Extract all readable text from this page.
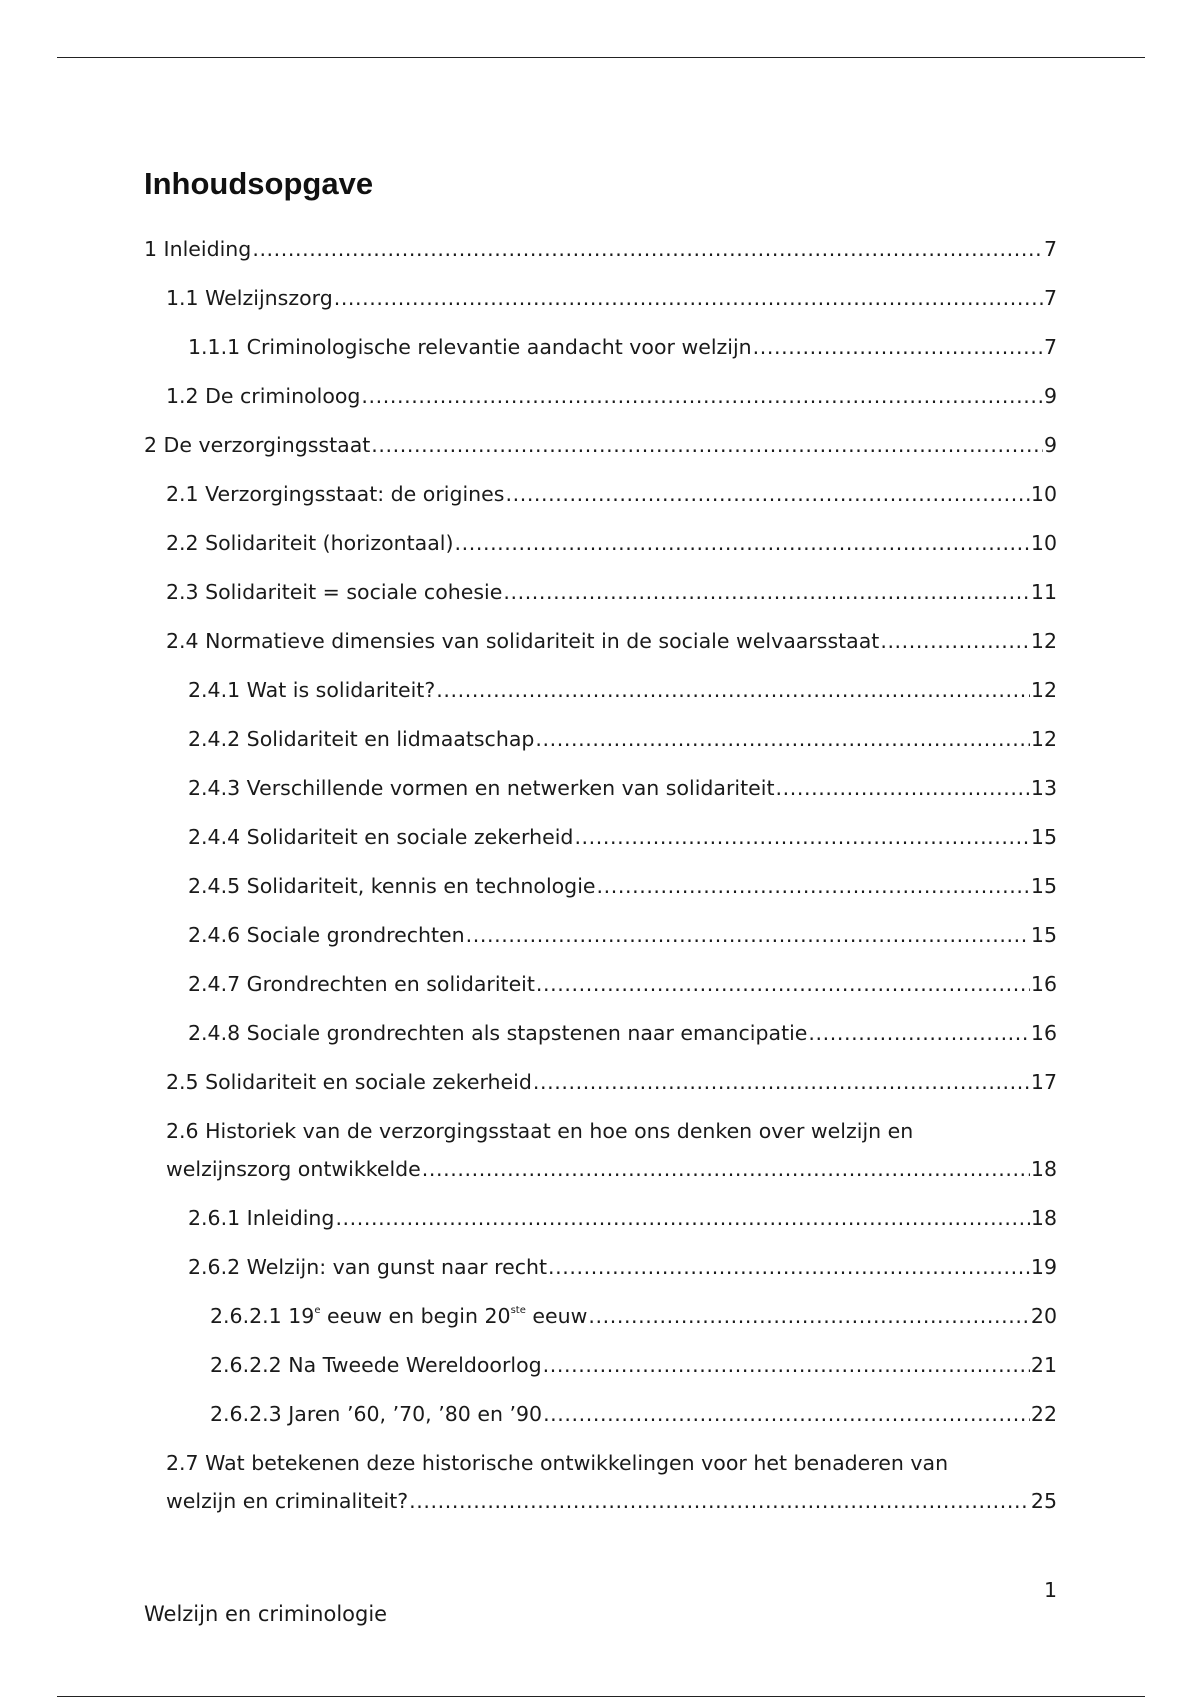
Inhoudsopgave
1 Inleiding .....	7
1.1 Welzijnszorg .....	7
1.1.1 Criminologische relevantie aandacht voor welzijn .....	7
1.2 De criminoloog .....	9
2 De verzorgingsstaat .....	9
2.1 Verzorgingsstaat: de origines .....	10
2.2 Solidariteit (horizontaal) .....	10
2.3 Solidariteit = sociale cohesie .....	11
2.4 Normatieve dimensies van solidariteit in de sociale welvaarsstaat .....	12
2.4.1 Wat is solidariteit? .....	12
2.4.2 Solidariteit en lidmaatschap .....	12
2.4.3 Verschillende vormen en netwerken van solidariteit .....	13
2.4.4 Solidariteit en sociale zekerheid .....	15
2.4.5 Solidariteit, kennis en technologie .....	15
2.4.6 Sociale grondrechten .....	15
2.4.7 Grondrechten en solidariteit .....	16
2.4.8 Sociale grondrechten als stapstenen naar emancipatie .....	16
2.5 Solidariteit en sociale zekerheid .....	17
2.6 Historiek van de verzorgingsstaat en hoe ons denken over welzijn en
welzijnszorg ontwikkelde .....	18
2.6.1 Inleiding .....	18
2.6.2 Welzijn: van gunst naar recht .....	19
2.6.2.1 19e eeuw en begin 20ste eeuw .....	20
2.6.2.2 Na Tweede Wereldoorlog .....	21
2.6.2.3 Jaren ’60, ’70, ’80 en ’90 .....	22
2.7 Wat betekenen deze historische ontwikkelingen voor het benaderen van
welzijn en criminaliteit? .....	25
1
Welzijn en criminologie
